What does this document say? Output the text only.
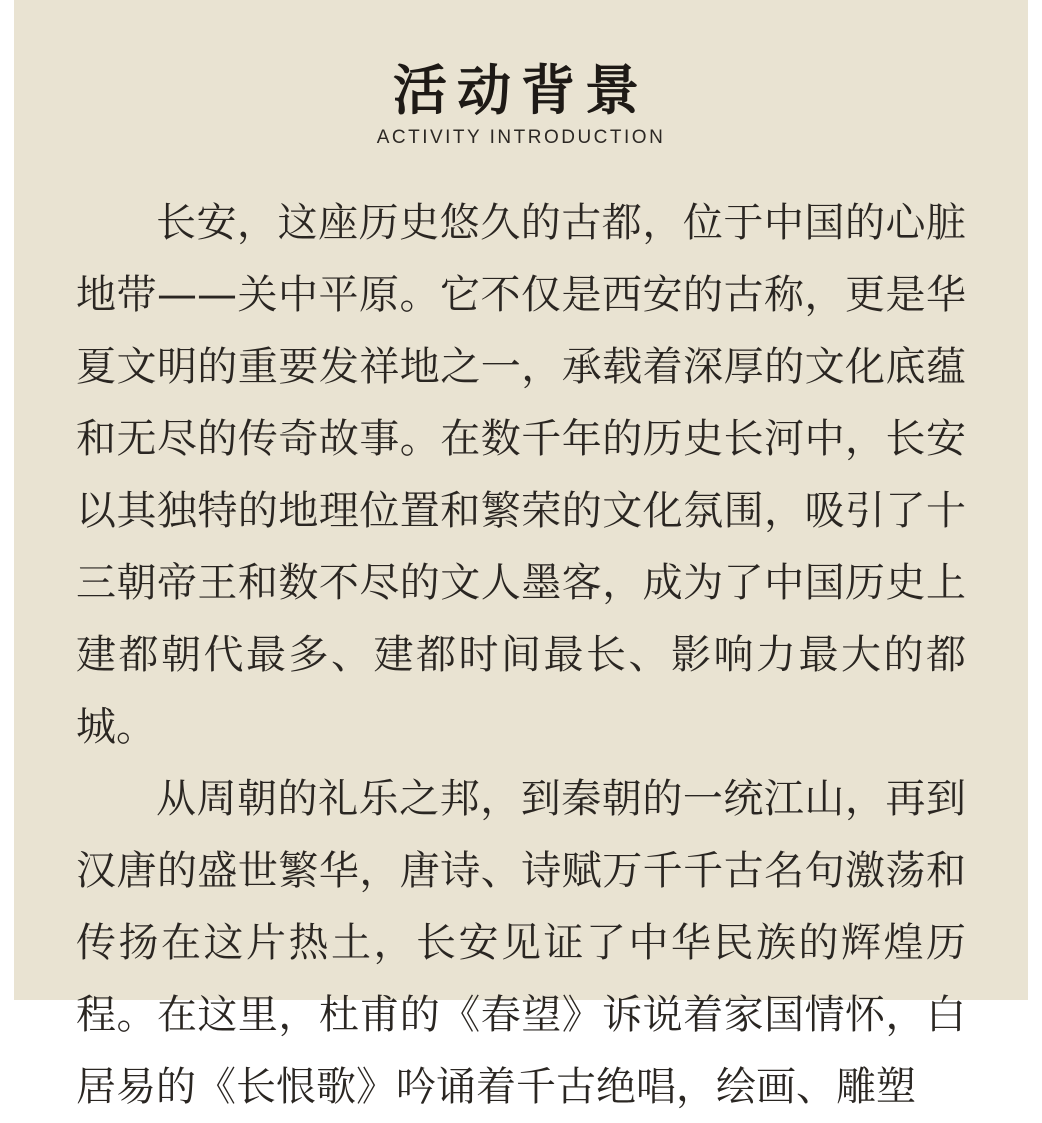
活动背景
ACTIVITY INTRODUCTION

长安，这座历史悠久的古都，位于中国的心脏地带——关中平原。它不仅是西安的古称，更是华夏文明的重要发祥地之一，承载着深厚的文化底蕴和无尽的传奇故事。在数千年的历史长河中，长安以其独特的地理位置和繁荣的文化氛围，吸引了十三朝帝王和数不尽的文人墨客，成为了中国历史上建都朝代最多、建都时间最长、影响力最大的都城。

从周朝的礼乐之邦，到秦朝的一统江山，再到汉唐的盛世繁华，唐诗、诗赋万千千古名句激荡和传扬在这片热土，长安见证了中华民族的辉煌历程。在这里，杜甫的《春望》诉说着家国情怀，白居易的《长恨歌》吟诵着千古绝唱，绘画、雕塑
